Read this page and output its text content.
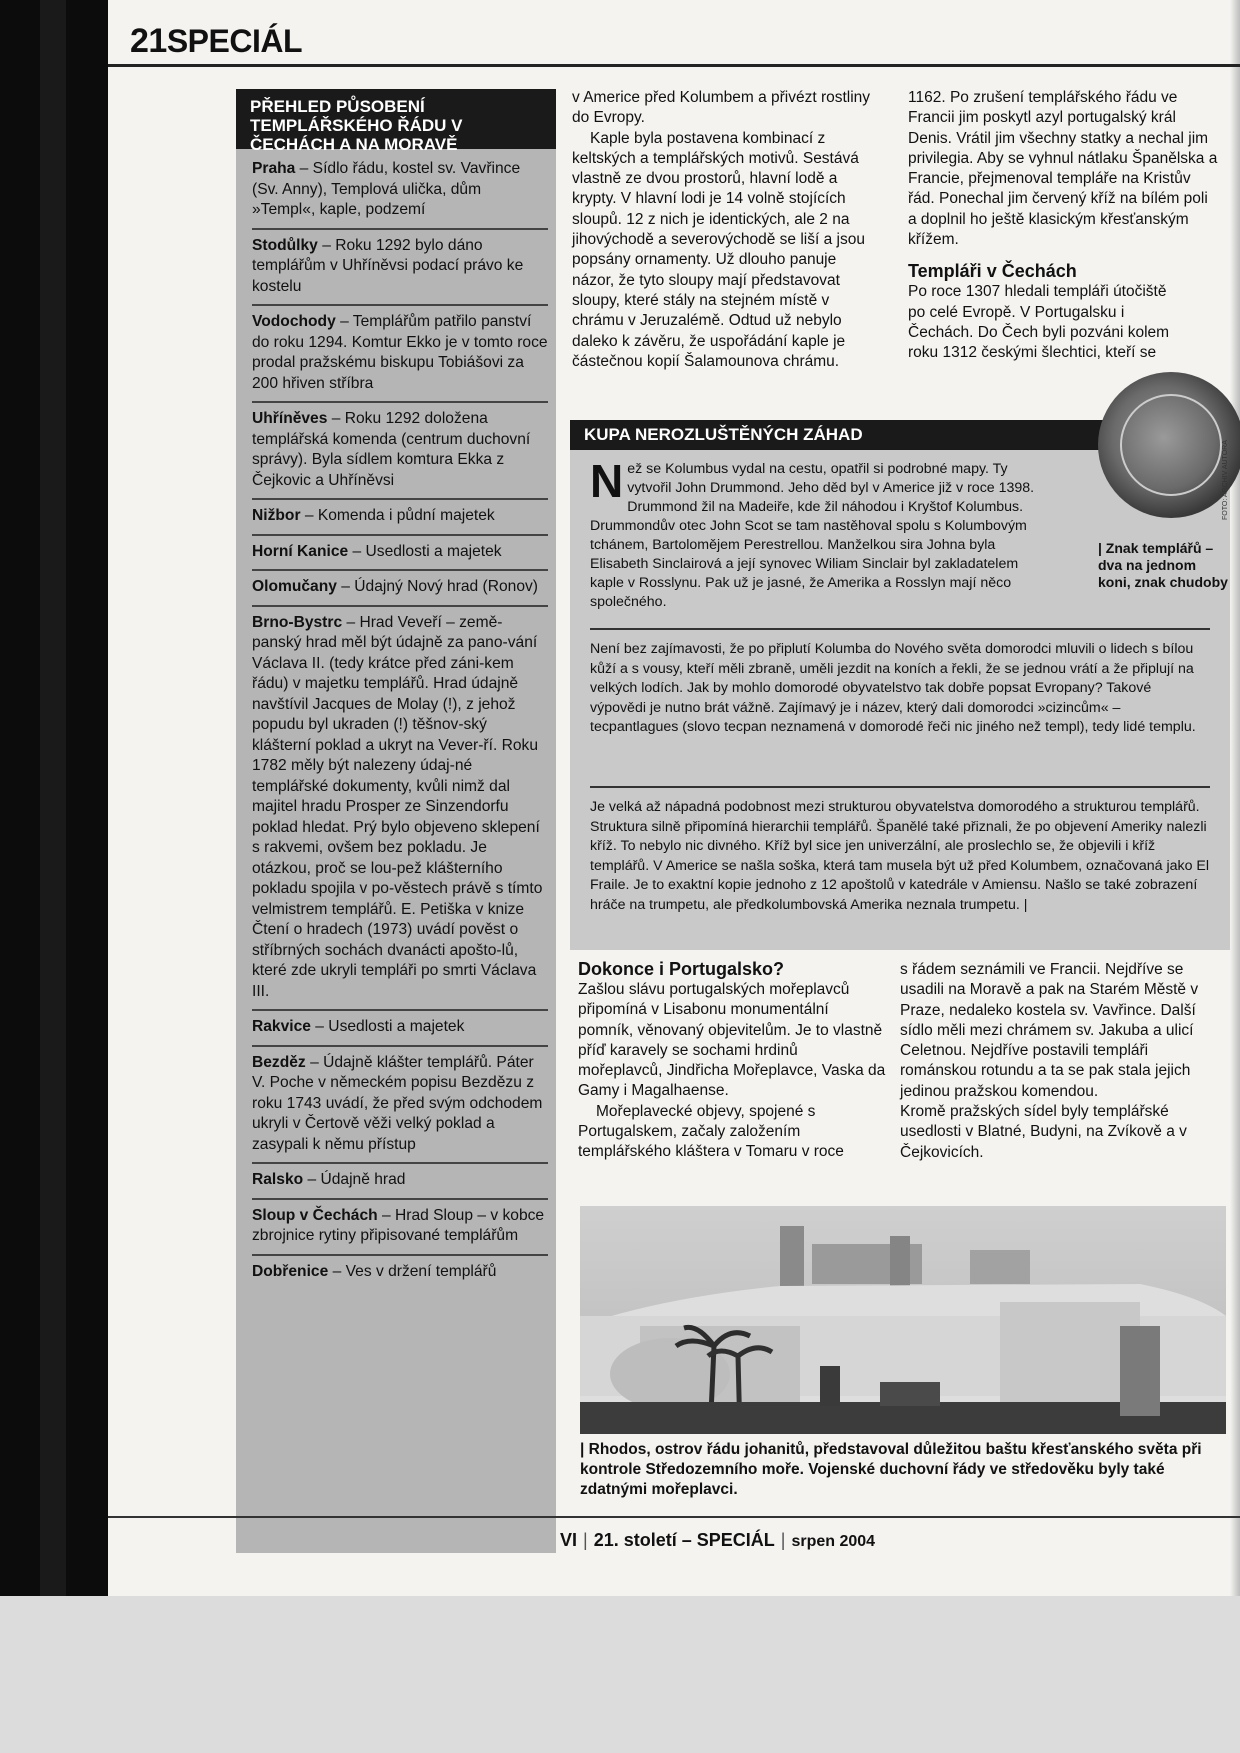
21SPECIÁL
PŘEHLED PŮSOBENÍ TEMPLÁŘSKÉHO ŘÁDU V ČECHÁCH A NA MORAVĚ
Praha – Sídlo řádu, kostel sv. Vavřince (Sv. Anny), Templová ulička, dům »Templ«, kaple, podzemí
Stodůlky – Roku 1292 bylo dáno templářům v Uhříněvsi podací právo ke kostelu
Vodochody – Templářům patřilo panství do roku 1294. Komtur Ekko je v tomto roce prodal pražskému biskupu Tobiášovi za 200 hřiven stříbra
Uhříněves – Roku 1292 doložena templářská komenda (centrum duchovní správy). Byla sídlem komtura Ekka z Čejkovic a Uhříněvsi
Nižbor – Komenda i půdní majetek
Horní Kanice – Usedlosti a majetek
Olomučany – Údajný Nový hrad (Ronov)
Brno-Bystrc – Hrad Veveří – země-panský hrad měl být údajně za pano-vání Václava II. (tedy krátce před záni-kem řádu) v majetku templářů. Hrad údajně navštívil Jacques de Molay (!), z jehož popudu byl ukraden (!) těšnov-ský klášterní poklad a ukryt na Vever-ří. Roku 1782 měly být nalezeny údaj-né templářské dokumenty, kvůli nimž dal majitel hradu Prosper ze Sinzendorfu poklad hledat. Prý bylo objeveno sklepení s rakvemi, ovšem bez pokladu. Je otázkou, proč se lou-pež klášterního pokladu spojila v po-věstech právě s tímto velmistrem templářů. E. Petiška v knize Čtení o hradech (1973) uvádí pověst o stříbrných sochách dvanácti apošto-lů, které zde ukryli templáři po smrti Václava III.
Rakvice – Usedlosti a majetek
Bezděz – Údajně klášter templářů. Páter V. Poche v německém popisu Bezdězu z roku 1743 uvádí, že před svým odchodem ukryli v Čertově věži velký poklad a zasypali k němu přístup
Ralsko – Údajně hrad
Sloup v Čechách – Hrad Sloup – v kobce zbrojnice rytiny připisované templářům
Dobřenice – Ves v držení templářů

v Americe před Kolumbem a přivézt rostliny do Evropy.

Kaple byla postavena kombinací z keltských a templářských motivů. Sestává vlastně ze dvou prostorů, hlavní lodě a krypty. V hlavní lodi je 14 volně stojících sloupů. 12 z nich je identických, ale 2 na jihovýchodě a severovýchodě se liší a jsou popsány ornamenty. Už dlouho panuje názor, že tyto sloupy mají představovat sloupy, které stály na stejném místě v chrámu v Jeruzalémě. Odtud už nebylo daleko k závěru, že uspořádání kaple je částečnou kopií Šalamounova chrámu.

1162. Po zrušení templářského řádu ve Francii jim poskytl azyl portugalský král Denis. Vrátil jim všechny statky a nechal jim privilegia. Aby se vyhnul nátlaku Španělska a Francie, přejmenoval templáře na Kristův řád. Ponechal jim červený kříž na bílém poli a doplnil ho ještě klasickým křesťanským křížem.

Templáři v Čechách

Po roce 1307 hledali templáři útočiště po celé Evropě. V Portugalsku i Čechách. Do Čech byli pozváni kolem roku 1312 českými šlechtici, kteří se

KUPA NEROZLUŠTĚNÝCH ZÁHAD
Než se Kolumbus vydal na cestu, opatřil si podrobné mapy. Ty vytvořil John Drummond. Jeho děd byl v Americe již v roce 1398. Drummond žil na Madeiře, kde žil náhodou i Kryštof Kolumbus. Drummondův otec John Scot se tam nastěhoval spolu s Kolumbovým tchánem, Bartolomějem Perestrellou. Manželkou sira Johna byla Elisabeth Sinclairová a její synovec Wiliam Sinclair byl zakladatelem kaple v Rosslynu. Pak už je jasné, že Amerika a Rosslyn mají něco společného.
Není bez zajímavosti, že po připlutí Kolumba do Nového světa domorodci mluvili o lidech s bílou kůží a s vousy, kteří měli zbraně, uměli jezdit na koních a řekli, že se jednou vrátí a že připlují na velkých lodích. Jak by mohlo domorodé obyvatelstvo tak dobře popsat Evropany? Takové výpovědi je nutno brát vážně. Zajímavý je i název, který dali domorodci »cizincům« – tecpantlagues (slovo tecpan neznamená v domorodé řeči nic jiného než templ), tedy lidé templu.
Je velká až nápadná podobnost mezi strukturou obyvatelstva domorodého a strukturou templářů. Struktura silně připomíná hierarchii templářů. Španělé také přiznali, že po objevení Ameriky nalezli kříž. To nebylo nic divného. Kříž byl sice jen univerzální, ale proslechlo se, že objevili i kříž templářů. V Americe se našla soška, která tam musela být už před Kolumbem, označovaná jako El Fraile. Je to exaktní kopie jednoho z 12 apoštolů v katedrále v Amiensu. Našlo se také zobrazení hráče na trumpetu, ale předkolumbovská Amerika neznala trumpetu. |
| Znak templářů – dva na jednom koni, znak chudoby
FOTO: ARCHIV AUTORA

Dokonce i Portugalsko?

Zašlou slávu portugalských mořeplavců připomíná v Lisabonu monumentální pomník, věnovaný objevitelům. Je to vlastně příď karavely se sochami hrdinů mořeplavců, Jindřicha Mořeplavce, Vaska da Gamy i Magalhaense.

Mořeplavecké objevy, spojené s Portugalskem, začaly založením templářského kláštera v Tomaru v roce

s řádem seznámili ve Francii. Nejdříve se usadili na Moravě a pak na Starém Městě v Praze, nedaleko kostela sv. Vavřince. Další sídlo měli mezi chrámem sv. Jakuba a ulicí Celetnou. Nejdříve postavili templáři románskou rotundu a ta se pak stala jejich jedinou pražskou komendou.

Kromě pražských sídel byly templářské usedlosti v Blatné, Budyni, na Zvíkově a v Čejkovicích.

| Rhodos, ostrov řádu johanitů, představoval důležitou baštu křesťanského světa při kontrole Středozemního moře. Vojenské duchovní řády ve středověku byly také zdatnými mořeplavci.
VI | 21. století – SPECIÁL | srpen 2004
